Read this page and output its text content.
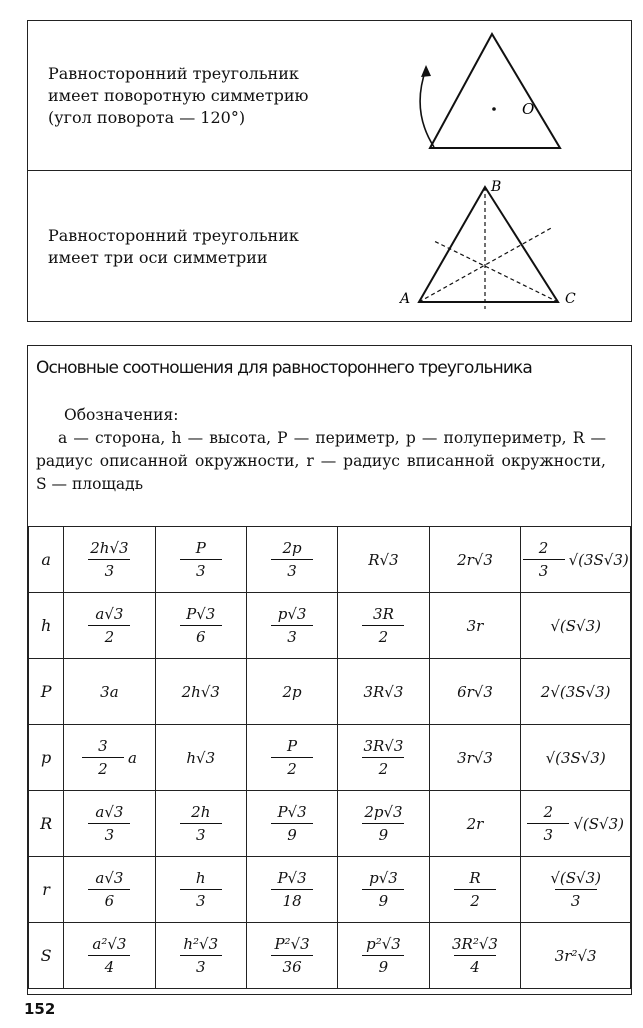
Равносторонний треугольник
имеет поворотную симметрию
(угол поворота — 120°)	O
Равносторонний треугольник
имеет три оси симметрии
B
A	C
Основные соотношения для равностороннего треугольника
Обозначения:
a — сторона, h — высота, P — периметр, p — полупериметр, R — радиус описанной окружности, r — радиус вписанной окружности, S — площадь
a	$\frac{2h√3}{3}$	$\frac{P}{3}$	$\frac{2p}{3}$	R√3	2r√3	$\frac{2}{3} √(3S√3)$
h	$\frac{a√3}{2}$	$\frac{P√3}{6}$	$\frac{p√3}{3}$	$\frac{3R}{2}$	3r	√(S√3)
P	3a	2h√3	2p	3R√3	6r√3	2√(3S√3)
p	$\frac{3}{2}$ a	h√3	$\frac{P}{2}$	$\frac{3R√3}{2}$	3r√3	√(3S√3)
R	$\frac{a√3}{3}$	$\frac{2h}{3}$	$\frac{P√3}{9}$	$\frac{2p√3}{9}$	2r	$\frac{2}{3} √(S√3)$
r	$\frac{a√3}{6}$	$\frac{h}{3}$	$\frac{P√3}{18}$	$\frac{p√3}{9}$	$\frac{R}{2}$	$\frac{√(S√3)}{3}$

S	$\frac{\text{a²√3}}{4}$	$\frac{\text{h²√3}}{3}$	$\frac{\text{P²√3}}{36}$	$\frac{\text{p²√3}}{9}$	$\frac{\text{3R²√3}}{4}$	3r²√3
152
